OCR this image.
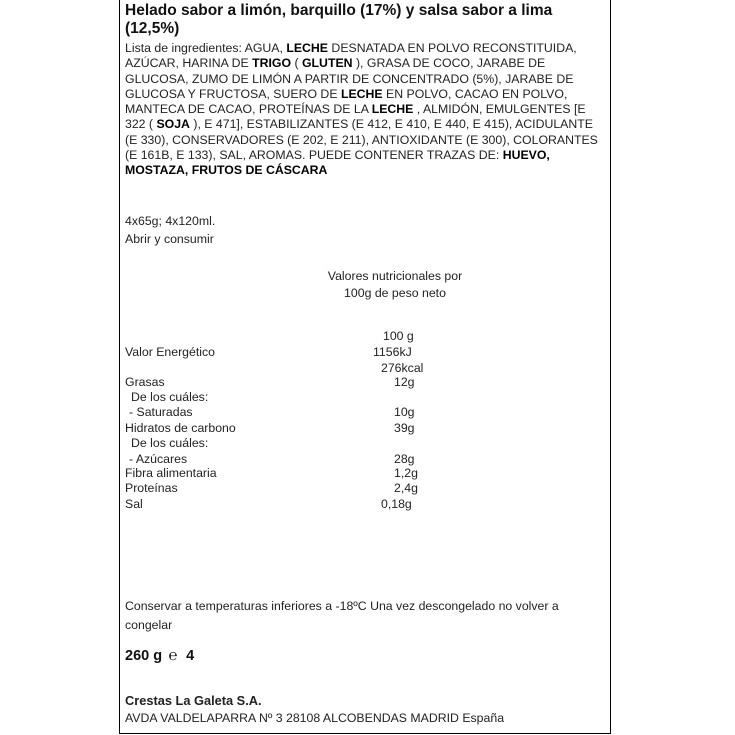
Helado sabor a limón, barquillo (17%) y salsa sabor a lima (12,5%)
Lista de ingredientes: AGUA, LECHE DESNATADA EN POLVO RECONSTITUIDA, AZÚCAR, HARINA DE TRIGO ( GLUTEN ), GRASA DE COCO, JARABE DE GLUCOSA, ZUMO DE LIMÓN A PARTIR DE CONCENTRADO (5%), JARABE DE GLUCOSA Y FRUCTOSA, SUERO DE LECHE EN POLVO, CACAO EN POLVO, MANTECA DE CACAO, PROTEÍNAS DE LA LECHE , ALMIDÓN, EMULGENTES [E 322 ( SOJA ), E 471], ESTABILIZANTES (E 412, E 410, E 440, E 415), ACIDULANTE (E 330), CONSERVADORES (E 202, E 211), ANTIOXIDANTE (E 300), COLORANTES (E 161B, E 133), SAL, AROMAS. PUEDE CONTENER TRAZAS DE: HUEVO, MOSTAZA, FRUTOS DE CÁSCARA
4x65g; 4x120ml.
Abrir y consumir
Valores nutricionales por
100g de peso neto
100 g
Valor Energético	1156kJ
276kcal
Grasas	12g
De los cuáles:
- Saturadas	10g
Hidratos de carbono	39g
De los cuáles:
- Azúcares	28g
Fibra alimentaria	1,2g
Proteínas	2,4g
Sal	0,18g
Conservar a temperaturas inferiores a -18ºC Una vez descongelado no volver a congelar
260 g ℮ 4
Crestas La Galeta S.A.
AVDA VALDELAPARRA Nº 3 28108 ALCOBENDAS MADRID España
